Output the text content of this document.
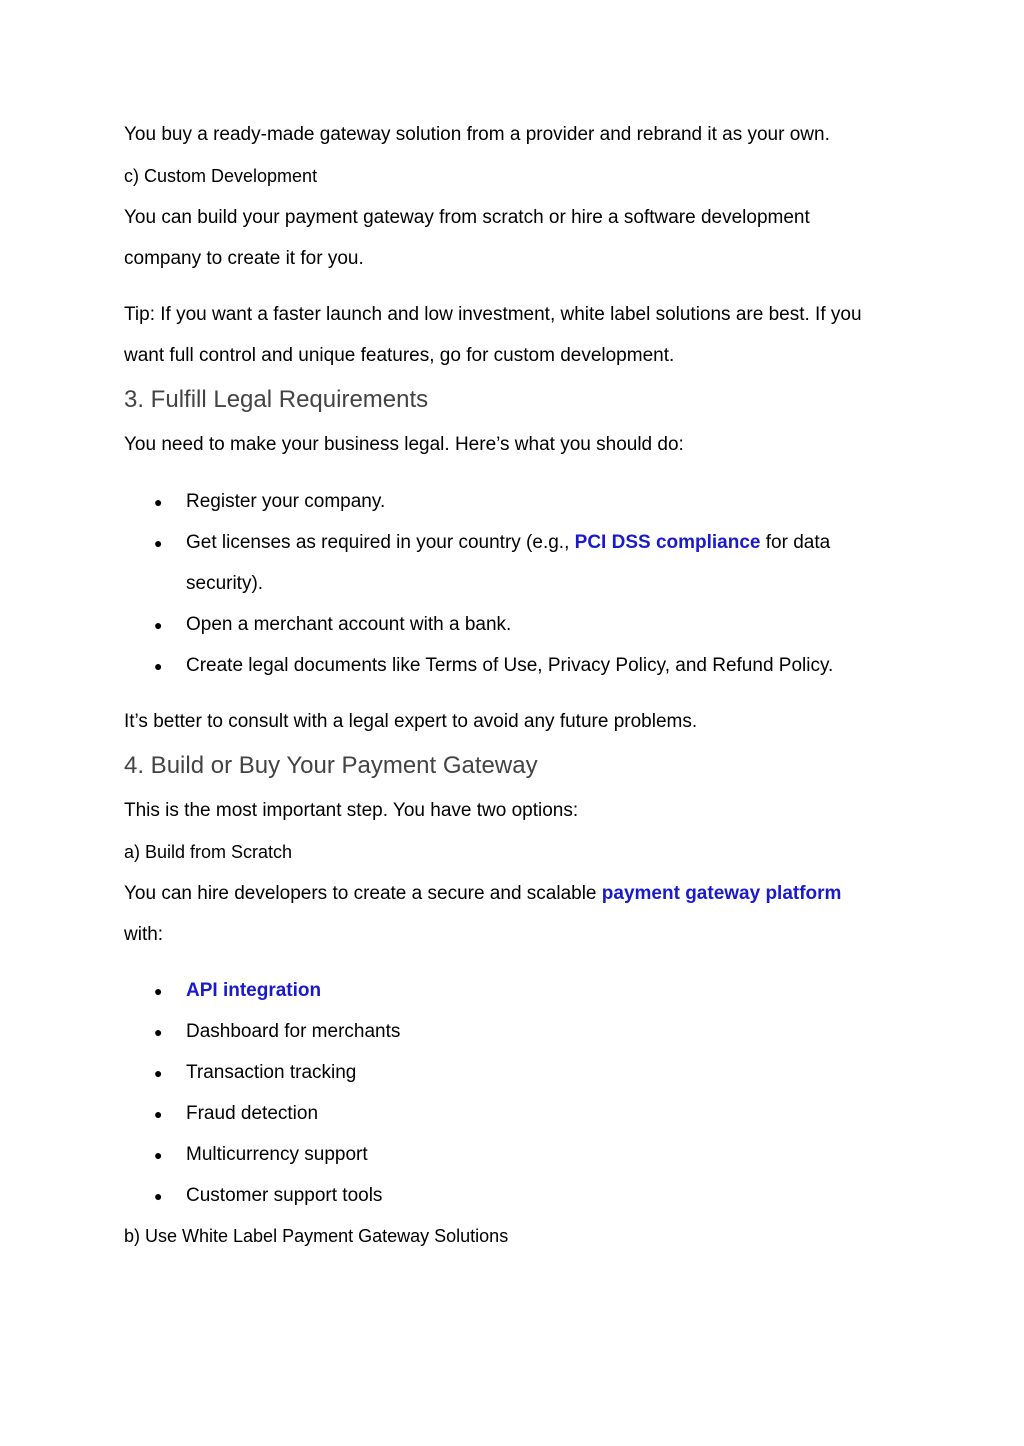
You buy a ready-made gateway solution from a provider and rebrand it as your own.

c) Custom Development

You can build your payment gateway from scratch or hire a software development

company to create it for you.

Tip: If you want a faster launch and low investment, white label solutions are best. If you

want full control and unique features, go for custom development.

3. Fulfill Legal Requirements

You need to make your business legal. Here’s what you should do:

● Register your company.
● Get licenses as required in your country (e.g., PCI DSS compliance for data
security).
● Open a merchant account with a bank.
● Create legal documents like Terms of Use, Privacy Policy, and Refund Policy.

It’s better to consult with a legal expert to avoid any future problems.

4. Build or Buy Your Payment Gateway

This is the most important step. You have two options:

a) Build from Scratch

You can hire developers to create a secure and scalable payment gateway platform

with:

● API integration
● Dashboard for merchants
● Transaction tracking
● Fraud detection
● Multicurrency support
● Customer support tools

b) Use White Label Payment Gateway Solutions
